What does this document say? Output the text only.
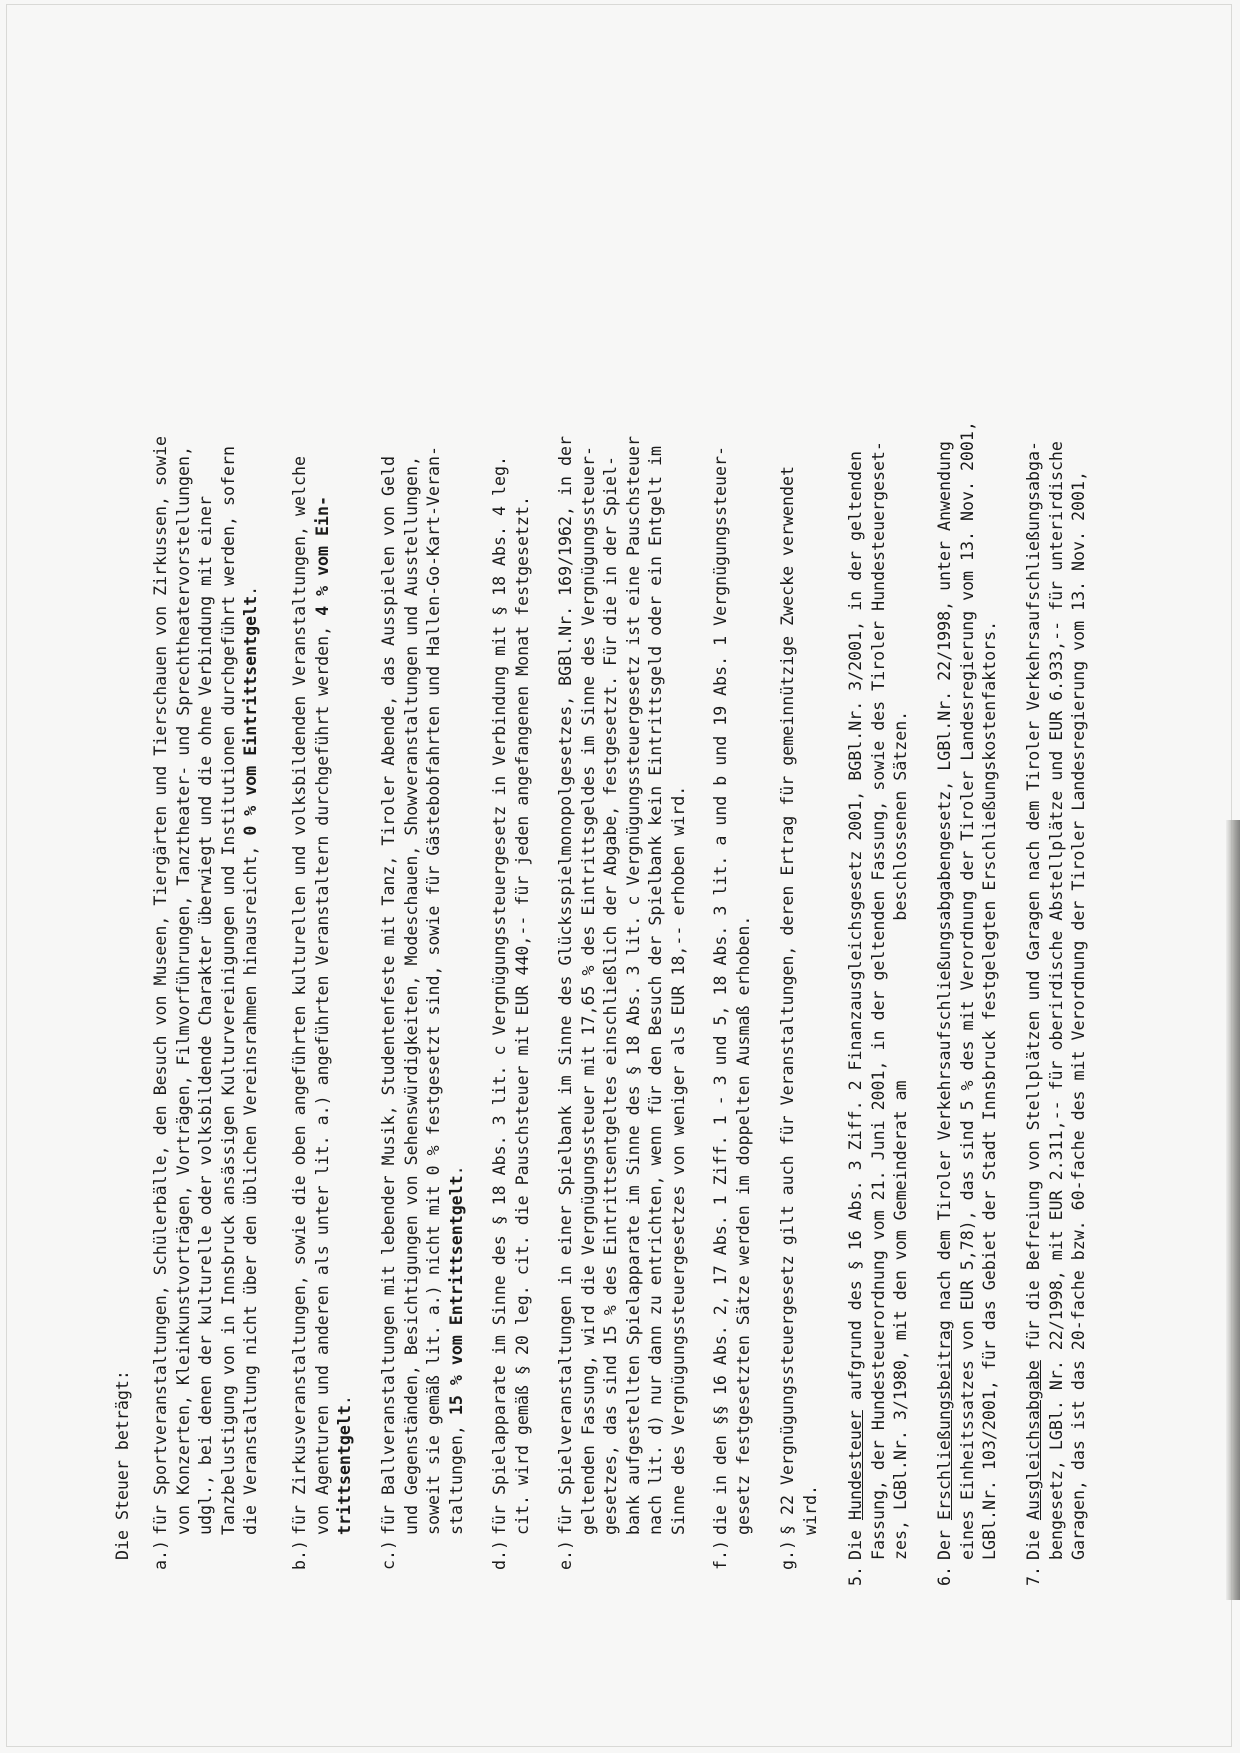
Die Steuer beträgt: a.)
für Sportveranstaltungen, Schülerbälle, den Besuch von Museen, Tiergärten und Tierschauen von Zirkussen, sowie von Konzerten, Kleinkunstvorträgen, Vorträgen, Filmvorführungen, Tanztheater- und Sprechtheatervorstellungen, udgl., bei denen der kulturelle oder volksbildende Charakter überwiegt und die ohne Verbindung mit einer Tanzbelustigung von in Innsbruck ansässigen Kulturvereinigungen und Institutionen durchgeführt werden, sofern die Veranstaltung nicht über den üblichen Vereinsrahmen hinausreicht, 0 % vom Eintrittsentgelt.
b.)
für Zirkusveranstaltungen, sowie die oben angeführten kulturellen und volksbildenden Veranstaltungen, welche von Agenturen und anderen als unter lit. a.) angeführten Veranstaltern durchgeführt werden, 4 % vom Ein-
trittsentgelt.
c.)
für Ballveranstaltungen mit lebender Musik, Studentenfeste mit Tanz, Tiroler Abende, das Ausspielen von Geld und Gegenständen, Besichtigungen von Sehenswürdigkeiten, Modeschauen, Showveranstaltungen und Ausstellungen, soweit sie gemäß lit. a.) nicht mit 0 % festgesetzt sind, sowie für Gästebobfahrten und Hallen-Go-Kart-Veran- staltungen, 15 % vom Entrittsentgelt.
d.)
für Spielapparate im Sinne des § 18 Abs. 3 lit. c Vergnügungssteuergesetz in Verbindung mit § 18 Abs. 4 leg. cit. wird gemäß § 20 leg. cit. die Pauschsteuer mit EUR 440,-- für jeden angefangenen Monat festgesetzt.
e.)
für Spielveranstaltungen in einer Spielbank im Sinne des Glücksspielmonopolgesetzes, BGBl.Nr. 169/1962, in der geltenden Fassung, wird die Vergnügungssteuer mit 17,65 % des Eintrittsgeldes im Sinne des Vergnügungssteuer- gesetzes, das sind 15 % des Eintrittsentgeltes einschließlich der Abgabe, festgesetzt. Für die in der Spiel- bank aufgestellten Spielapparate im Sinne des § 18 Abs. 3 lit. c Vergnügungssteuergesetz ist eine Pauschsteuer nach lit. d) nur dann zu entrichten, wenn für den Besuch der Spielbank kein Eintrittsgeld oder ein Entgelt im Sinne des Vergnügungssteuergesetzes von weniger als EUR 18,-- erhoben wird.
f.)
die in den §§ 16 Abs. 2, 17 Abs. 1 Ziff. 1 - 3 und 5, 18 Abs. 3 lit. a und b und 19 Abs. 1 Vergnügungssteuer- gesetz festgesetzten Sätze werden im doppelten Ausmaß erhoben.
g.)
§ 22 Vergnügungssteuergesetz gilt auch für Veranstaltungen, deren Ertrag für gemeinnützige Zwecke verwendet wird.
5.
Die Hundesteuer aufgrund des § 16 Abs. 3 Ziff. 2 Finanzausgleichsgesetz 2001, BGBl.Nr. 3/2001, in der geltenden Fassung, der Hundesteuerordnung vom 21. Juni 2001, in der geltenden Fassung, sowie des Tiroler Hundesteuergeset- zes, LGBl.Nr. 3/1980, mit den vom Gemeinderat am                beschlossenen Sätzen.
6.
Der Erschließungsbeitrag nach dem Tiroler Verkehrsaufschließungsabgabengesetz, LGBl.Nr. 22/1998, unter Anwendung eines Einheitssatzes von EUR 5,78), das sind 5 % des mit Verordnung der Tiroler Landesregierung vom 13. Nov. 2001, LGBl.Nr. 103/2001, für das Gebiet der Stadt Innsbruck festgelegten Erschließungskostenfaktors.
7.
Die Ausgleichsabgabe für die Befreiung von Stellplätzen und Garagen nach dem Tiroler Verkehrsaufschließungsabga- bengesetz, LGBl. Nr. 22/1998, mit EUR 2.311,-- für oberirdische Abstellplätze und EUR 6.933,-- für unterirdische Garagen, das ist das 20-fache bzw. 60-fache des mit Verordnung der Tiroler Landesregierung vom 13. Nov. 2001,
